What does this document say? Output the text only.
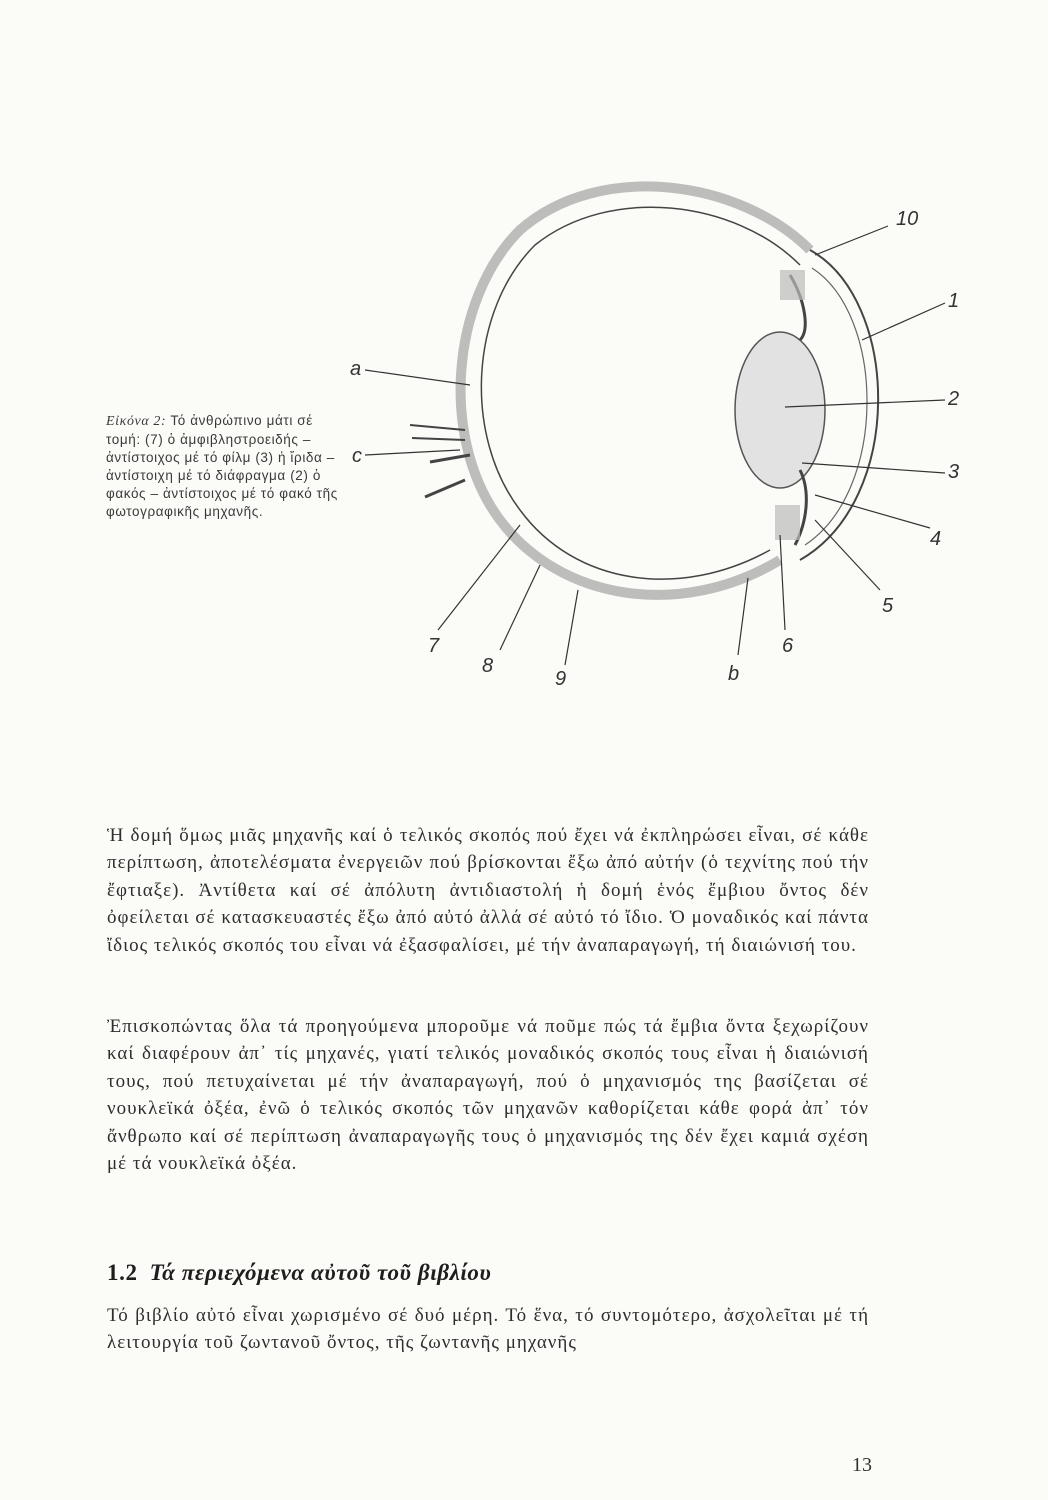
10
1
2
3
4
5
6
7
8
9
a
b
c
Εἰκόνα 2: Τό ἀνθρώπινο μάτι σέ τομή: (7) ὁ ἀμφιβληστροειδής – ἀντίστοιχος μέ τό φίλμ (3) ἡ ἴριδα – ἀντίστοιχη μέ τό διάφραγμα (2) ὁ φακός – ἀντίστοιχος μέ τό φακό τῆς φωτογραφικῆς μηχανῆς.

Ἡ δομή ὅμως μιᾶς μηχανῆς καί ὁ τελικός σκοπός πού ἔχει νά ἐκπληρώσει εἶναι, σέ κάθε περίπτωση, ἀποτελέσματα ἐνεργειῶν πού βρίσκονται ἔξω ἀπό αὐτήν (ὁ τεχνίτης πού τήν ἔφτιαξε). Ἀντίθετα καί σέ ἀπόλυτη ἀντιδιαστολή ἡ δομή ἑνός ἔμβιου ὄντος δέν ὀφείλεται σέ κατασκευαστές ἔξω ἀπό αὐτό ἀλλά σέ αὐτό τό ἴδιο. Ὁ μοναδικός καί πάντα ἴδιος τελικός σκοπός του εἶναι νά ἐξασφαλίσει, μέ τήν ἀναπαραγωγή, τή διαιώνισή του.

Ἐπισκοπώντας ὅλα τά προηγούμενα μποροῦμε νά ποῦμε πώς τά ἔμβια ὄντα ξεχωρίζουν καί διαφέρουν ἀπ᾿ τίς μηχανές, γιατί τελικός μοναδικός σκοπός τους εἶναι ἡ διαιώνισή τους, πού πετυχαίνεται μέ τήν ἀναπαραγωγή, πού ὁ μηχανισμός της βασίζεται σέ νουκλεϊκά ὀξέα, ἐνῶ ὁ τελικός σκοπός τῶν μηχανῶν καθορίζεται κάθε φορά ἀπ᾿ τόν ἄνθρωπο καί σέ περίπτωση ἀναπαραγωγῆς τους ὁ μηχανισμός της δέν ἔχει καμιά σχέση μέ τά νουκλεϊκά ὀξέα.

1.2 Τά περιεχόμενα αὐτοῦ τοῦ βιβλίου

Τό βιβλίο αὐτό εἶναι χωρισμένο σέ δυό μέρη. Τό ἕνα, τό συντομότερο, ἀσχολεῖται μέ τή λειτουργία τοῦ ζωντανοῦ ὄντος, τῆς ζωντανῆς μηχανῆς

13
